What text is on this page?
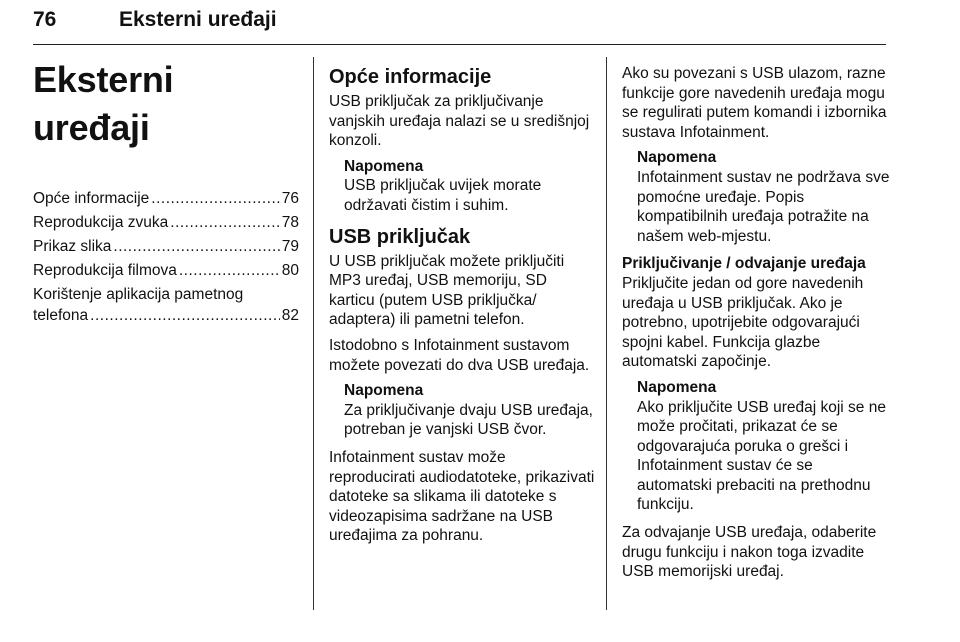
76	Eksterni uređaji
Eksterni uređaji
Opće informacije .....	76
Reprodukcija zvuka .....	78
Prikaz slika .....	79
Reprodukcija filmova .....	80
Korištenje aplikacija pametnog
telefona .....	82
Opće informacije

USB priključak za priključivanje vanjskih uređaja nalazi se u središnjoj konzoli.

Napomena
USB priključak uvijek morate održavati čistim i suhim.
USB priključak

U USB priključak možete priključiti MP3 uređaj, USB memoriju, SD karticu (putem USB priključka/ adaptera) ili pametni telefon.

Istodobno s Infotainment sustavom možete povezati do dva USB uređaja.

Napomena
Za priključivanje dvaju USB uređaja, potreban je vanjski USB čvor.

Infotainment sustav može reproducirati audiodatoteke, prikazivati datoteke sa slikama ili datoteke s videozapisima sadržane na USB uređajima za pohranu.

Ako su povezani s USB ulazom, razne funkcije gore navedenih uređaja mogu se regulirati putem komandi i izbornika sustava Infotainment.

Napomena
Infotainment sustav ne podržava sve pomoćne uređaje. Popis kompatibilnih uređaja potražite na našem web-mjestu.
Priključivanje / odvajanje uređaja

Priključite jedan od gore navedenih uređaja u USB priključak. Ako je potrebno, upotrijebite odgovarajući spojni kabel. Funkcija glazbe automatski započinje.

Napomena
Ako priključite USB uređaj koji se ne može pročitati, prikazat će se odgovarajuća poruka o grešci i Infotainment sustav će se automatski prebaciti na prethodnu funkciju.

Za odvajanje USB uređaja, odaberite drugu funkciju i nakon toga izvadite USB memorijski uređaj.
